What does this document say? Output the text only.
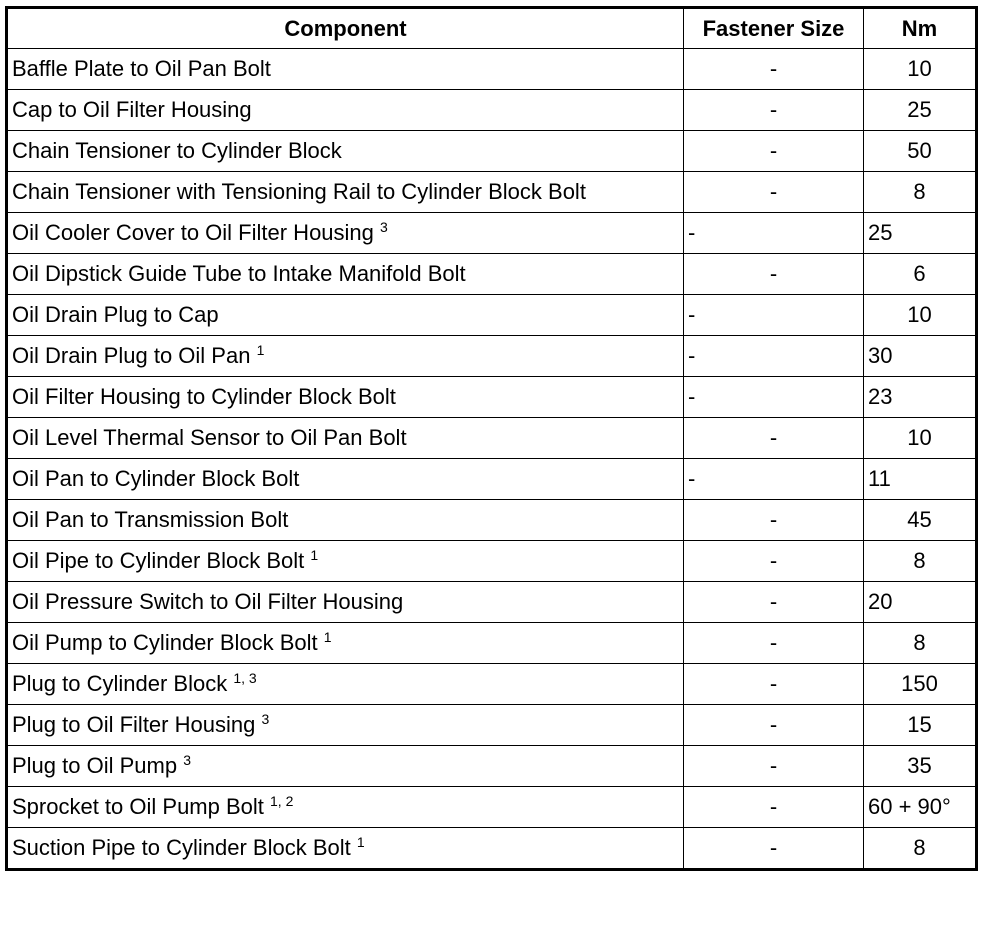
Component	Fastener Size	Nm
Baffle Plate to Oil Pan Bolt	-	10
Cap to Oil Filter Housing	-	25
Chain Tensioner to Cylinder Block	-	50
Chain Tensioner with Tensioning Rail to Cylinder Block Bolt	-	8
Oil Cooler Cover to Oil Filter Housing $^3$	-	25
Oil Dipstick Guide Tube to Intake Manifold Bolt	-	6
Oil Drain Plug to Cap	-	10
Oil Drain Plug to Oil Pan $^1$	-	30
Oil Filter Housing to Cylinder Block Bolt	-	23
Oil Level Thermal Sensor to Oil Pan Bolt	-	10
Oil Pan to Cylinder Block Bolt	-	11
Oil Pan to Transmission Bolt	-	45
Oil Pipe to Cylinder Block Bolt $^1$	-	8
Oil Pressure Switch to Oil Filter Housing	-	20
Oil Pump to Cylinder Block Bolt $^1$	-	8
Plug to Cylinder Block $^{1, 3}$	-	150
Plug to Oil Filter Housing $^3$	-	15
Plug to Oil Pump $^3$	-	35
Sprocket to Oil Pump Bolt $^{1, 2}$	-	60 + 90°
Suction Pipe to Cylinder Block Bolt $^1$	-	8
